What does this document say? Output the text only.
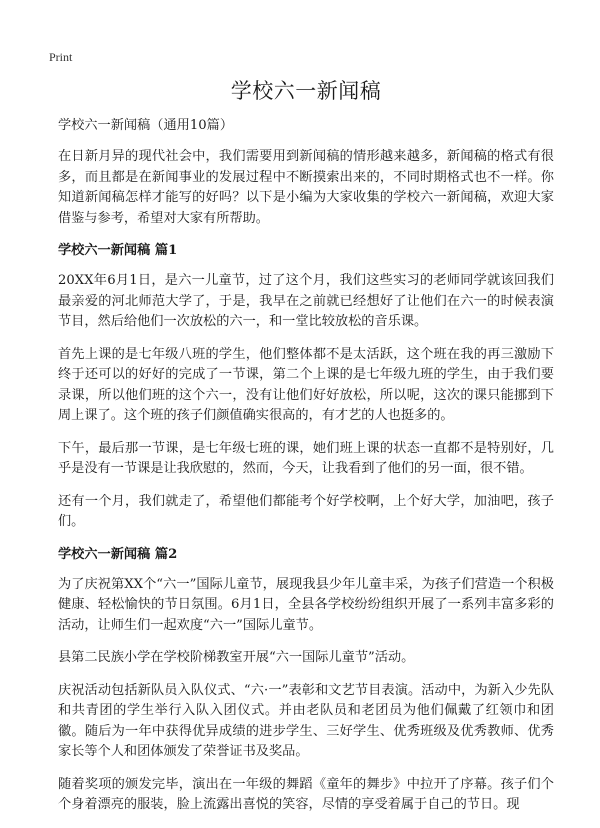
Print
学校六一新闻稿
学校六一新闻稿（通用10篇）

在日新月异的现代社会中，我们需要用到新闻稿的情形越来越多，新闻稿的格式有很多，而且都是在新闻事业的发展过程中不断摸索出来的，不同时期格式也不一样。你知道新闻稿怎样才能写的好吗？以下是小编为大家收集的学校六一新闻稿，欢迎大家借鉴与参考，希望对大家有所帮助。

学校六一新闻稿 篇1

20XX年6月1日，是六一儿童节，过了这个月，我们这些实习的老师同学就该回我们最亲爱的河北师范大学了，于是，我早在之前就已经想好了让他们在六一的时候表演节目，然后给他们一次放松的六一，和一堂比较放松的音乐课。

首先上课的是七年级八班的学生，他们整体都不是太活跃，这个班在我的再三激励下终于还可以的好好的完成了一节课，第二个上课的是七年级九班的学生，由于我们要录课，所以他们班的这个六一，没有让他们好好放松，所以呢，这次的课只能挪到下周上课了。这个班的孩子们颜值确实很高的，有才艺的人也挺多的。

下午，最后那一节课，是七年级七班的课，她们班上课的状态一直都不是特别好，几乎是没有一节课是让我欣慰的，然而，今天，让我看到了他们的另一面，很不错。

还有一个月，我们就走了，希望他们都能考个好学校啊，上个好大学，加油吧，孩子们。

学校六一新闻稿 篇2

为了庆祝第XX个“六一”国际儿童节，展现我县少年儿童丰采，为孩子们营造一个积极健康、轻松愉快的节日氛围。6月1日，全县各学校纷纷组织开展了一系列丰富多彩的活动，让师生们一起欢度“六一”国际儿童节。

县第二民族小学在学校阶梯教室开展“六一国际儿童节”活动。

庆祝活动包括新队员入队仪式、“六·一”表彰和文艺节目表演。活动中，为新入少先队和共青团的学生举行入队入团仪式。并由老队员和老团员为他们佩戴了红领巾和团徽。随后为一年中获得优异成绩的进步学生、三好学生、优秀班级及优秀教师、优秀家长等个人和团体颁发了荣誉证书及奖品。

随着奖项的颁发完毕，演出在一年级的舞蹈《童年的舞步》中拉开了序幕。孩子们个个身着漂亮的服装，脸上流露出喜悦的笑容，尽情的享受着属于自己的节日。现
